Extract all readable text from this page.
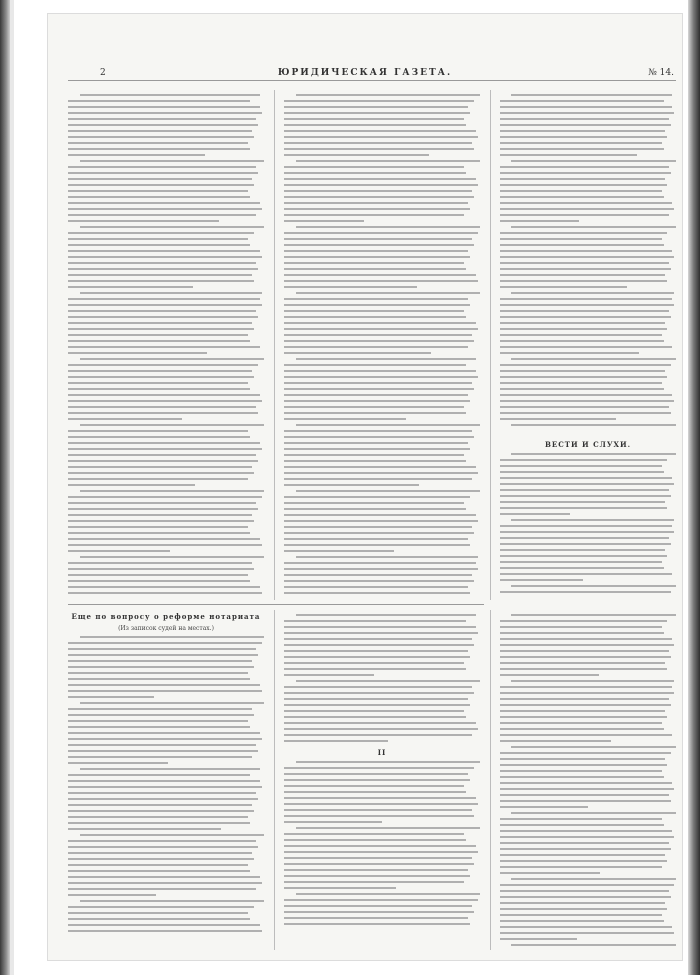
2	ЮРИДИЧЕСКАЯ ГАЗЕТА.	№ 14.
ВЕСТИ И СЛУХИ.
Еще по вопросу о реформе нотариата
(Из записок судей на местах.)
II
